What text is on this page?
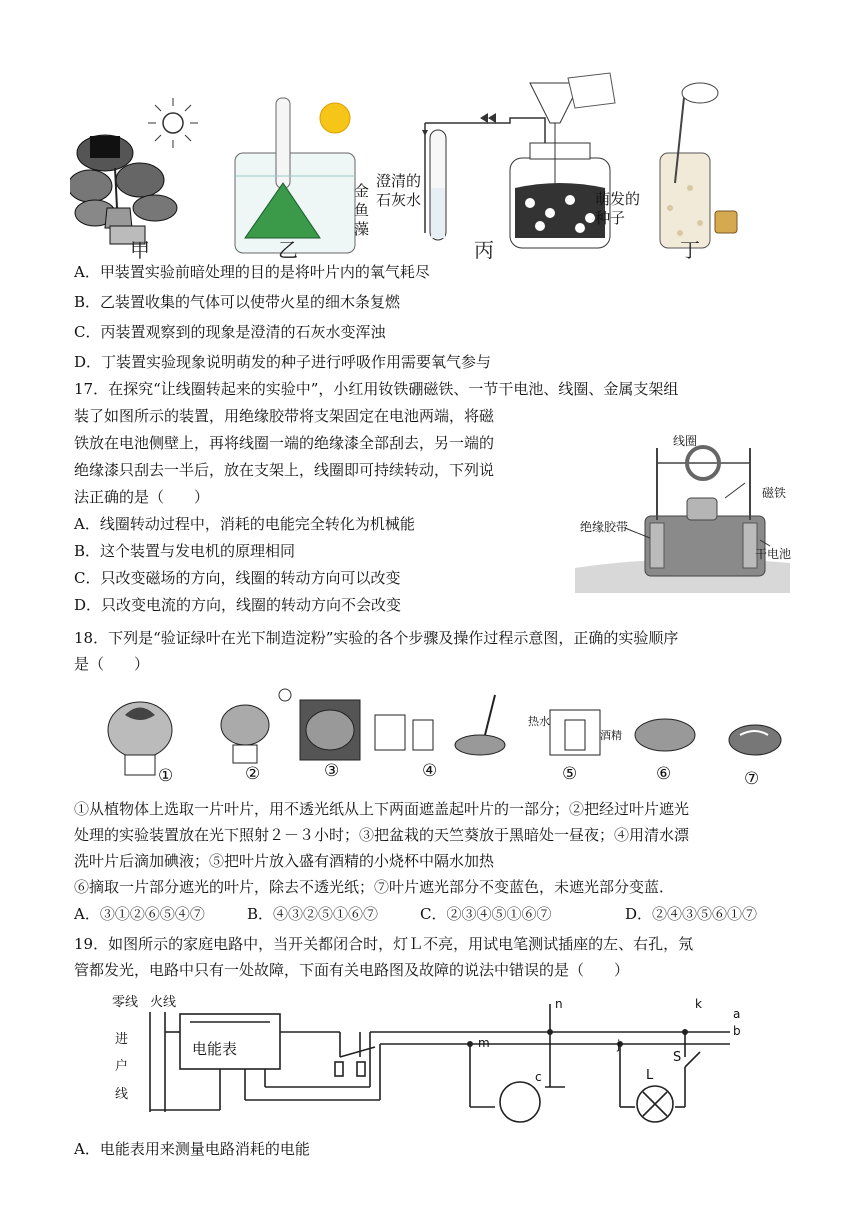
金鱼藻
澄清的石灰水	萌发的种子
甲	乙	丙	丁
A．甲装置实验前暗处理的目的是将叶片内的氧气耗尽
B．乙装置收集的气体可以使带火星的细木条复燃
C．丙装置观察到的现象是澄清的石灰水变浑浊
D．丁装置实验现象说明萌发的种子进行呼吸作用需要氧气参与
17．在探究“让线圈转起来的实验中”，小红用钕铁硼磁铁、一节干电池、线圈、金属支架组
装了如图所示的装置，用绝缘胶带将支架固定在电池两端，将磁
铁放在电池侧壁上，再将线圈一端的绝缘漆全部刮去，另一端的
绝缘漆只刮去一半后，放在支架上，线圈即可持续转动，下列说
法正确的是（　　）
A．线圈转动过程中，消耗的电能完全转化为机械能
B．这个装置与发电机的原理相同
C．只改变磁场的方向，线圈的转动方向可以改变
D．只改变电流的方向，线圈的转动方向不会改变
线圈
磁铁
绝缘胶带
干电池
18．下列是“验证绿叶在光下制造淀粉”实验的各个步骤及操作过程示意图，正确的实验顺序
是（　　）
热水
酒精
①	②	③	④	⑤	⑥	⑦
①从植物体上选取一片叶片，用不透光纸从上下两面遮盖起叶片的一部分；②把经过叶片遮光
处理的实验装置放在光下照射２－３小时；③把盆栽的天竺葵放于黑暗处一昼夜；④用清水漂
洗叶片后滴加碘液；⑤把叶片放入盛有酒精的小烧杯中隔水加热
⑥摘取一片部分遮光的叶片，除去不透光纸；⑦叶片遮光部分不变蓝色，未遮光部分变蓝．
A．③①②⑥⑤④⑦	B．④③②⑤①⑥⑦	C．②③④⑤①⑥⑦	D．②④③⑤⑥①⑦
19．如图所示的家庭电路中，当开关都闭合时，灯Ｌ不亮，用试电笔测试插座的左、右孔，氖
管都发光，电路中只有一处故障，下面有关电路图及故障的说法中错误的是（　　）
零线 火线
进
户
线
电能表
n	k
a
b
m
c
j
S
L
A．电能表用来测量电路消耗的电能
